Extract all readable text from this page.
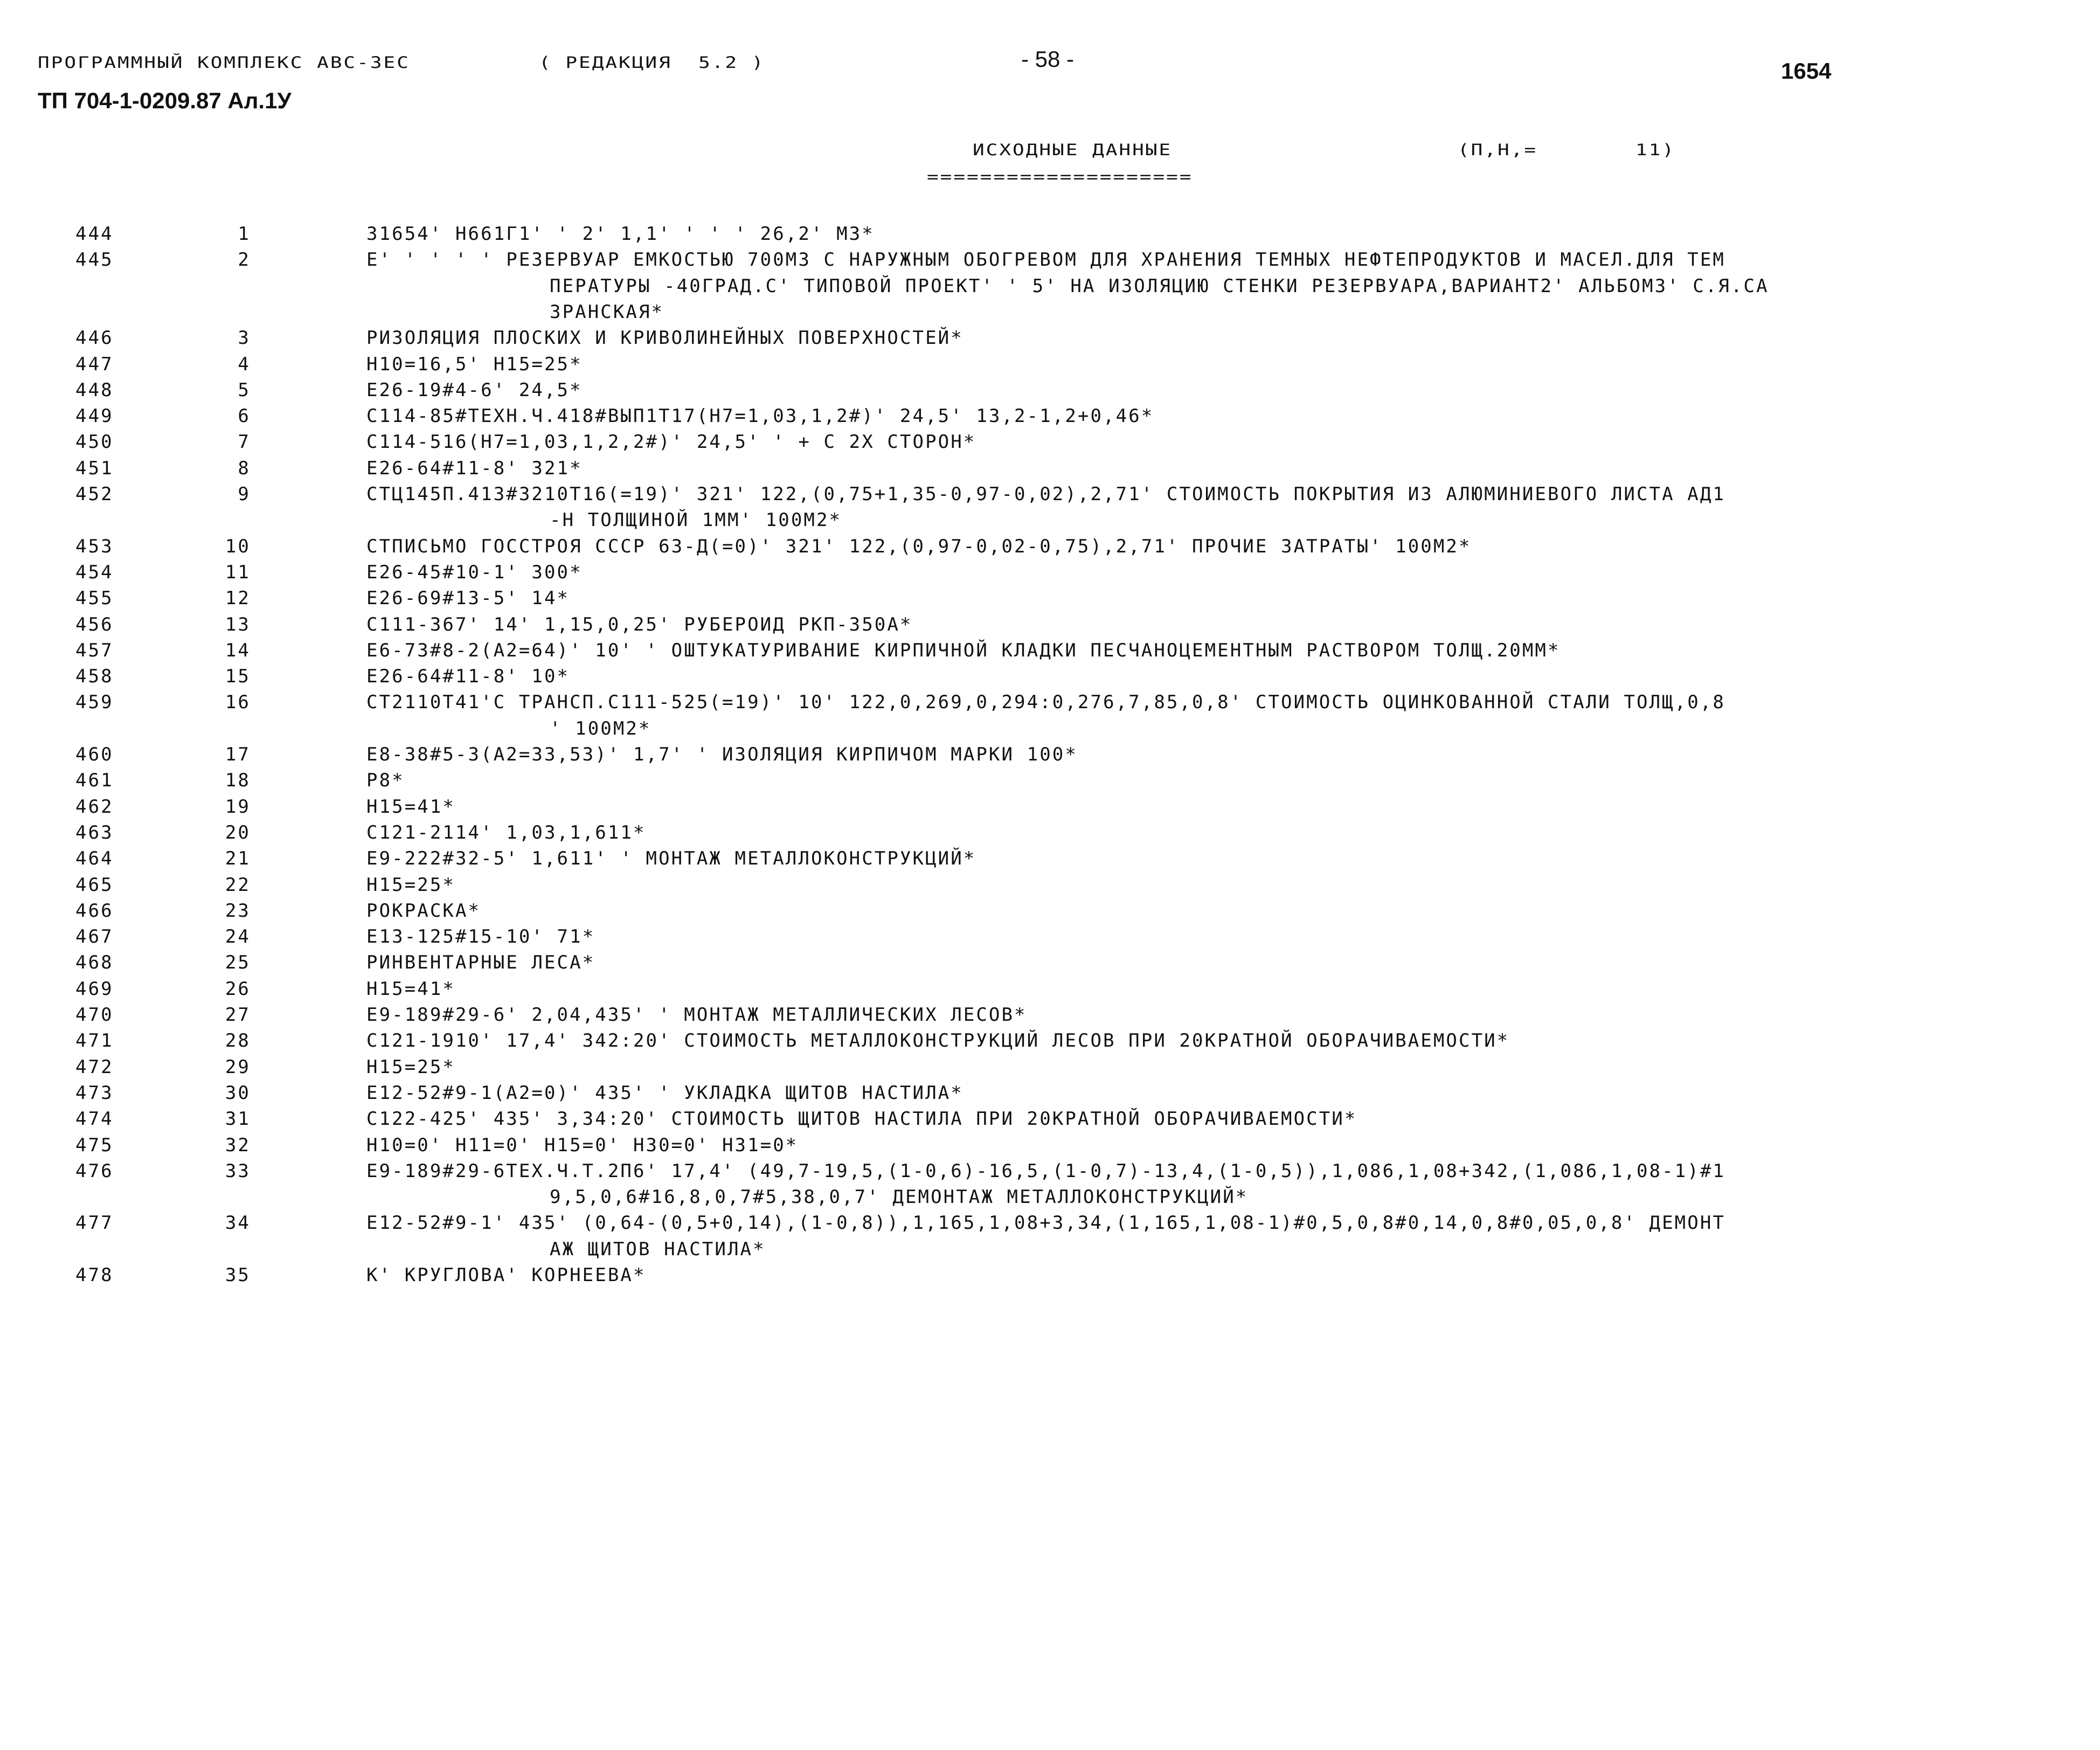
ПРОГРАММНЫЙ КОМПЛЕКС АВС-3ЕС	( РЕДАКЦИЯ  5.2 )	- 58 -	1654
ТП 704-1-0209.87 Ал.1У
ИСХОДНЫЕ ДАННЫЕ	(П,Н,=	11)
====================
444	1	31654' Н661Г1' ' 2' 1,1' ' ' ' 26,2' М3*
445	2	Е' ' ' ' ' РЕЗЕРВУАР ЕМКОСТЬЮ 700М3 С НАРУЖНЫМ ОБОГРЕВОМ ДЛЯ ХРАНЕНИЯ ТЕМНЫХ НЕФТЕПРОДУКТОВ И МАСЕЛ.ДЛЯ ТЕМ
ПЕРАТУРЫ -40ГРАД.С' ТИПОВОЙ ПРОЕКТ' ' 5' НА ИЗОЛЯЦИЮ СТЕНКИ РЕЗЕРВУАРА,ВАРИАНТ2' АЛЬБОМ3' С.Я.СА
ЗРАНСКАЯ*
446	3	РИЗОЛЯЦИЯ ПЛОСКИХ И КРИВОЛИНЕЙНЫХ ПОВЕРХНОСТЕЙ*
447	4	Н10=16,5' Н15=25*
448	5	Е26-19#4-6' 24,5*
449	6	С114-85#ТЕХН.Ч.418#ВЫП1Т17(Н7=1,03,1,2#)' 24,5' 13,2-1,2+0,46*
450	7	С114-516(Н7=1,03,1,2,2#)' 24,5' ' + С 2Х СТОРОН*
451	8	Е26-64#11-8' 321*
452	9	СТЦ145П.413#3210Т16(=19)' 321' 122,(0,75+1,35-0,97-0,02),2,71' СТОИМОСТЬ ПОКРЫТИЯ ИЗ АЛЮМИНИЕВОГО ЛИСТА АД1
-Н ТОЛЩИНОЙ 1ММ' 100М2*
453	10	СТПИСЬМО ГОССТРОЯ СССР 63-Д(=0)' 321' 122,(0,97-0,02-0,75),2,71' ПРОЧИЕ ЗАТРАТЫ' 100М2*
454	11	Е26-45#10-1' 300*
455	12	Е26-69#13-5' 14*
456	13	С111-367' 14' 1,15,0,25' РУБЕРОИД РКП-350А*
457	14	Е6-73#8-2(А2=64)' 10' ' ОШТУКАТУРИВАНИЕ КИРПИЧНОЙ КЛАДКИ ПЕСЧАНОЦЕМЕНТНЫМ РАСТВОРОМ ТОЛЩ.20ММ*
458	15	Е26-64#11-8' 10*
459	16	СТ2110Т41'С ТРАНСП.С111-525(=19)' 10' 122,0,269,0,294:0,276,7,85,0,8' СТОИМОСТЬ ОЦИНКОВАННОЙ СТАЛИ ТОЛЩ,0,8
' 100М2*
460	17	Е8-38#5-3(А2=33,53)' 1,7' ' ИЗОЛЯЦИЯ КИРПИЧОМ МАРКИ 100*
461	18	Р8*
462	19	Н15=41*
463	20	С121-2114' 1,03,1,611*
464	21	Е9-222#32-5' 1,611' ' МОНТАЖ МЕТАЛЛОКОНСТРУКЦИЙ*
465	22	Н15=25*
466	23	РОКРАСКА*
467	24	Е13-125#15-10' 71*
468	25	РИНВЕНТАРНЫЕ ЛЕСА*
469	26	Н15=41*
470	27	Е9-189#29-6' 2,04,435' ' МОНТАЖ МЕТАЛЛИЧЕСКИХ ЛЕСОВ*
471	28	С121-1910' 17,4' 342:20' СТОИМОСТЬ МЕТАЛЛОКОНСТРУКЦИЙ ЛЕСОВ ПРИ 20КРАТНОЙ ОБОРАЧИВАЕМОСТИ*
472	29	Н15=25*
473	30	Е12-52#9-1(А2=0)' 435' ' УКЛАДКА ЩИТОВ НАСТИЛА*
474	31	С122-425' 435' 3,34:20' СТОИМОСТЬ ЩИТОВ НАСТИЛА ПРИ 20КРАТНОЙ ОБОРАЧИВАЕМОСТИ*
475	32	Н10=0' Н11=0' Н15=0' Н30=0' Н31=0*
476	33	Е9-189#29-6ТЕХ.Ч.Т.2П6' 17,4' (49,7-19,5,(1-0,6)-16,5,(1-0,7)-13,4,(1-0,5)),1,086,1,08+342,(1,086,1,08-1)#1
9,5,0,6#16,8,0,7#5,38,0,7' ДЕМОНТАЖ МЕТАЛЛОКОНСТРУКЦИЙ*
477	34	Е12-52#9-1' 435' (0,64-(0,5+0,14),(1-0,8)),1,165,1,08+3,34,(1,165,1,08-1)#0,5,0,8#0,14,0,8#0,05,0,8' ДЕМОНТ
АЖ ЩИТОВ НАСТИЛА*
478	35	К' КРУГЛОВА' КОРНЕЕВА*
